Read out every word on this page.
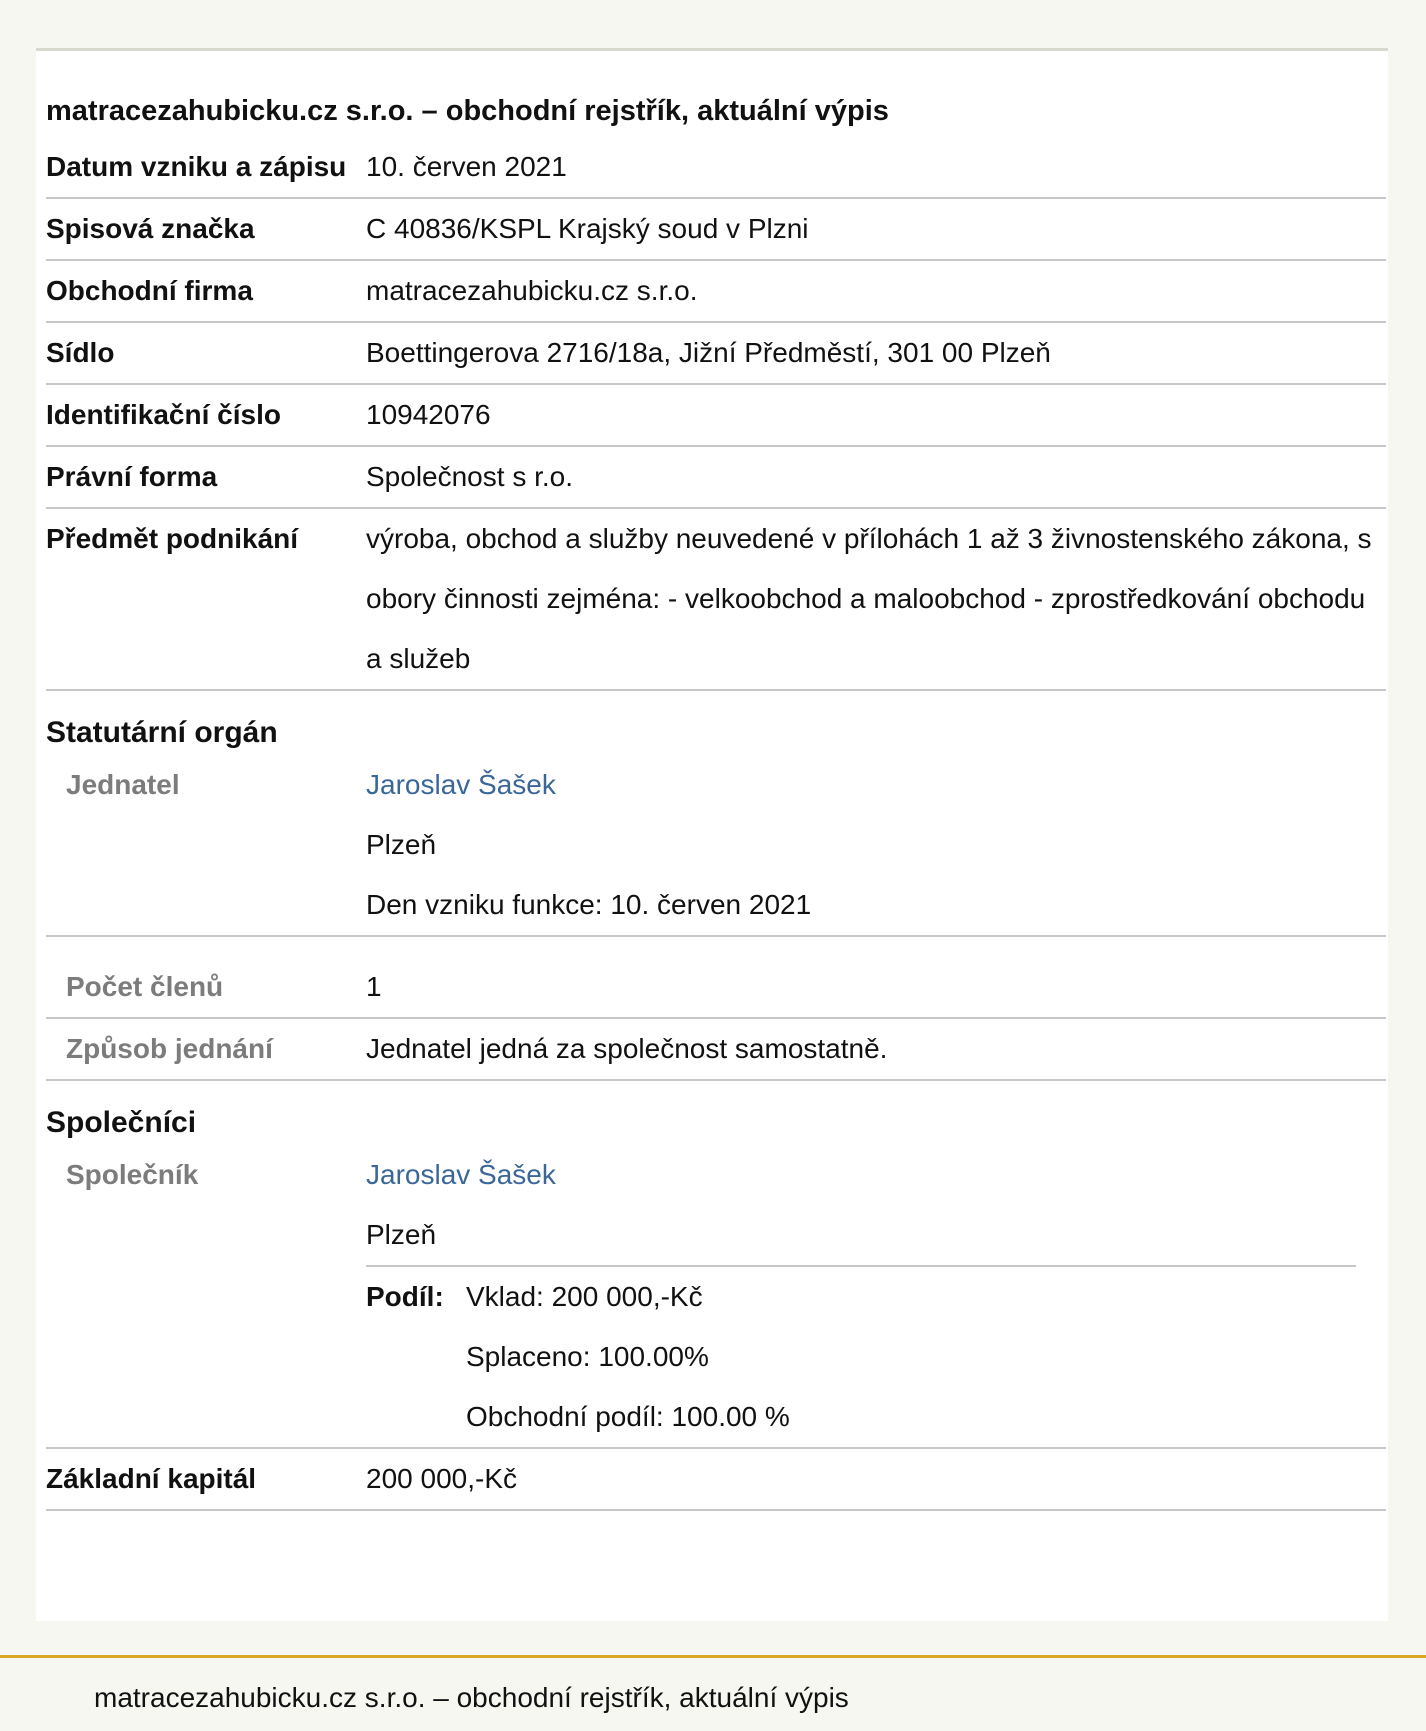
matracezahubicku.cz s.r.o. – obchodní rejstřík, aktuální výpis
Datum vzniku a zápisu 10. červen 2021
Spisová značka	C 40836/KSPL Krajský soud v Plzni
Obchodní firma	matracezahubicku.cz s.r.o.
Sídlo	Boettingerova 2716/18a, Jižní Předměstí, 301 00 Plzeň
Identifikační číslo	10942076
Právní forma	Společnost s r.o.
Předmět podnikání	výroba, obchod a služby neuvedené v přílohách 1 až 3 živnostenského zákona, s obory činnosti zejména: - velkoobchod a maloobchod - zprostředkování obchodu a služeb
Statutární orgán
Jednatel	Jaroslav Šašek
Plzeň
Den vzniku funkce: 10. červen 2021
Počet členů	1
Způsob jednání	Jednatel jedná za společnost samostatně.
Společníci
Společník	Jaroslav Šašek
Plzeň
Podíl: Vklad: 200 000,-Kč
Splaceno: 100.00%
Obchodní podíl: 100.00 %
Základní kapitál	200 000,-Kč
matracezahubicku.cz s.r.o. – obchodní rejstřík, aktuální výpis
